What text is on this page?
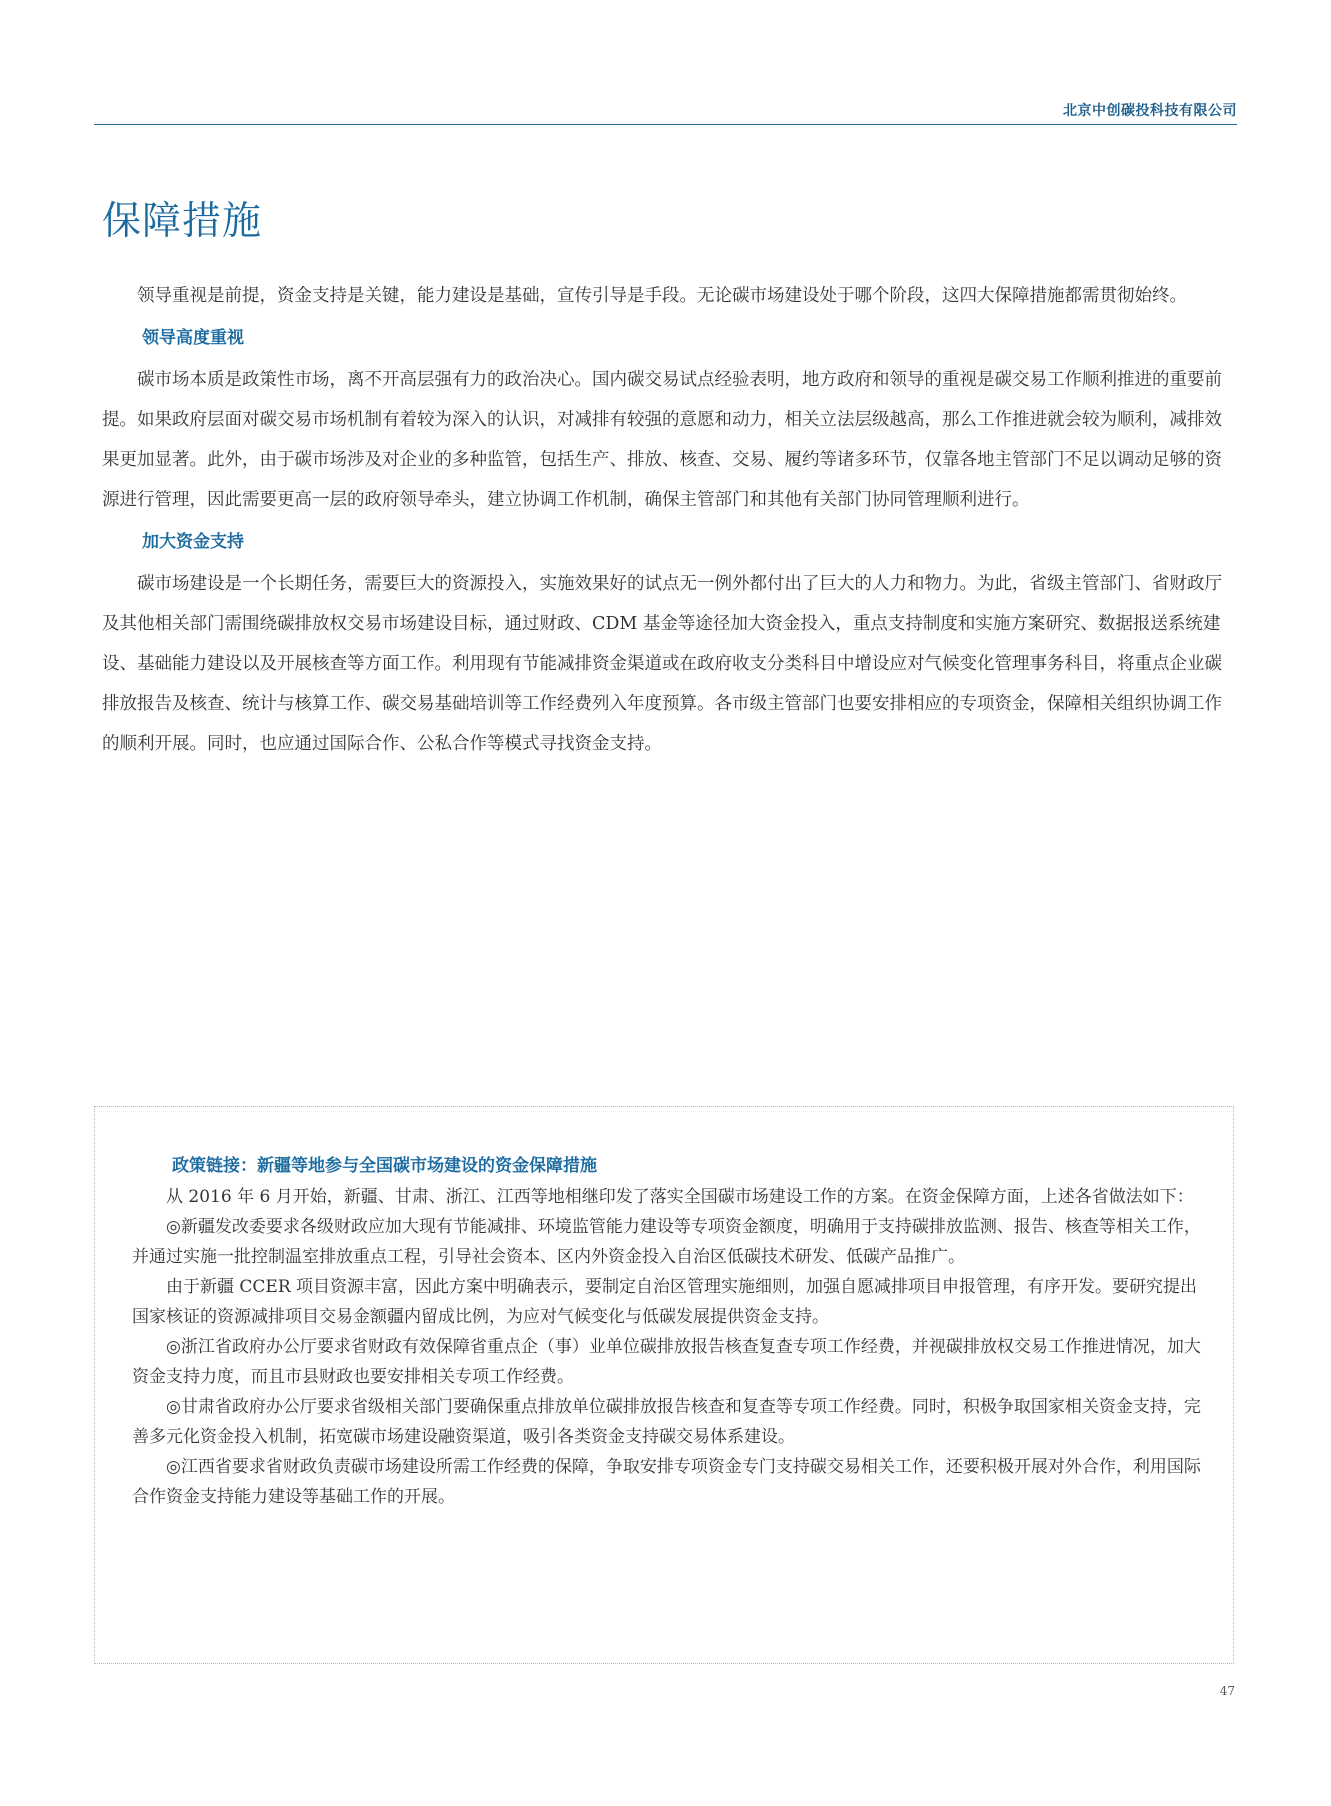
北京中创碳投科技有限公司
保障措施

领导重视是前提，资金支持是关键，能力建设是基础，宣传引导是手段。无论碳市场建设处于哪个阶段，这四大保障措施都需贯彻始终。

领导高度重视

碳市场本质是政策性市场，离不开高层强有力的政治决心。国内碳交易试点经验表明，地方政府和领导的重视是碳交易工作顺利推进的重要前提。如果政府层面对碳交易市场机制有着较为深入的认识，对减排有较强的意愿和动力，相关立法层级越高，那么工作推进就会较为顺利，减排效果更加显著。此外，由于碳市场涉及对企业的多种监管，包括生产、排放、核查、交易、履约等诸多环节，仅靠各地主管部门不足以调动足够的资源进行管理，因此需要更高一层的政府领导牵头，建立协调工作机制，确保主管部门和其他有关部门协同管理顺利进行。

加大资金支持

碳市场建设是一个长期任务，需要巨大的资源投入，实施效果好的试点无一例外都付出了巨大的人力和物力。为此，省级主管部门、省财政厅及其他相关部门需围绕碳排放权交易市场建设目标，通过财政、CDM 基金等途径加大资金投入，重点支持制度和实施方案研究、数据报送系统建设、基础能力建设以及开展核查等方面工作。利用现有节能减排资金渠道或在政府收支分类科目中增设应对气候变化管理事务科目，将重点企业碳排放报告及核查、统计与核算工作、碳交易基础培训等工作经费列入年度预算。各市级主管部门也要安排相应的专项资金，保障相关组织协调工作的顺利开展。同时，也应通过国际合作、公私合作等模式寻找资金支持。

政策链接：新疆等地参与全国碳市场建设的资金保障措施

从 2016 年 6 月开始，新疆、甘肃、浙江、江西等地相继印发了落实全国碳市场建设工作的方案。在资金保障方面，上述各省做法如下：

◎新疆发改委要求各级财政应加大现有节能减排、环境监管能力建设等专项资金额度，明确用于支持碳排放监测、报告、核查等相关工作，并通过实施一批控制温室排放重点工程，引导社会资本、区内外资金投入自治区低碳技术研发、低碳产品推广。

由于新疆 CCER 项目资源丰富，因此方案中明确表示，要制定自治区管理实施细则，加强自愿减排项目申报管理，有序开发。要研究提出国家核证的资源减排项目交易金额疆内留成比例，为应对气候变化与低碳发展提供资金支持。

◎浙江省政府办公厅要求省财政有效保障省重点企（事）业单位碳排放报告核查复查专项工作经费，并视碳排放权交易工作推进情况，加大资金支持力度，而且市县财政也要安排相关专项工作经费。

◎甘肃省政府办公厅要求省级相关部门要确保重点排放单位碳排放报告核查和复查等专项工作经费。同时，积极争取国家相关资金支持，完善多元化资金投入机制，拓宽碳市场建设融资渠道，吸引各类资金支持碳交易体系建设。

◎江西省要求省财政负责碳市场建设所需工作经费的保障，争取安排专项资金专门支持碳交易相关工作，还要积极开展对外合作，利用国际合作资金支持能力建设等基础工作的开展。

47
